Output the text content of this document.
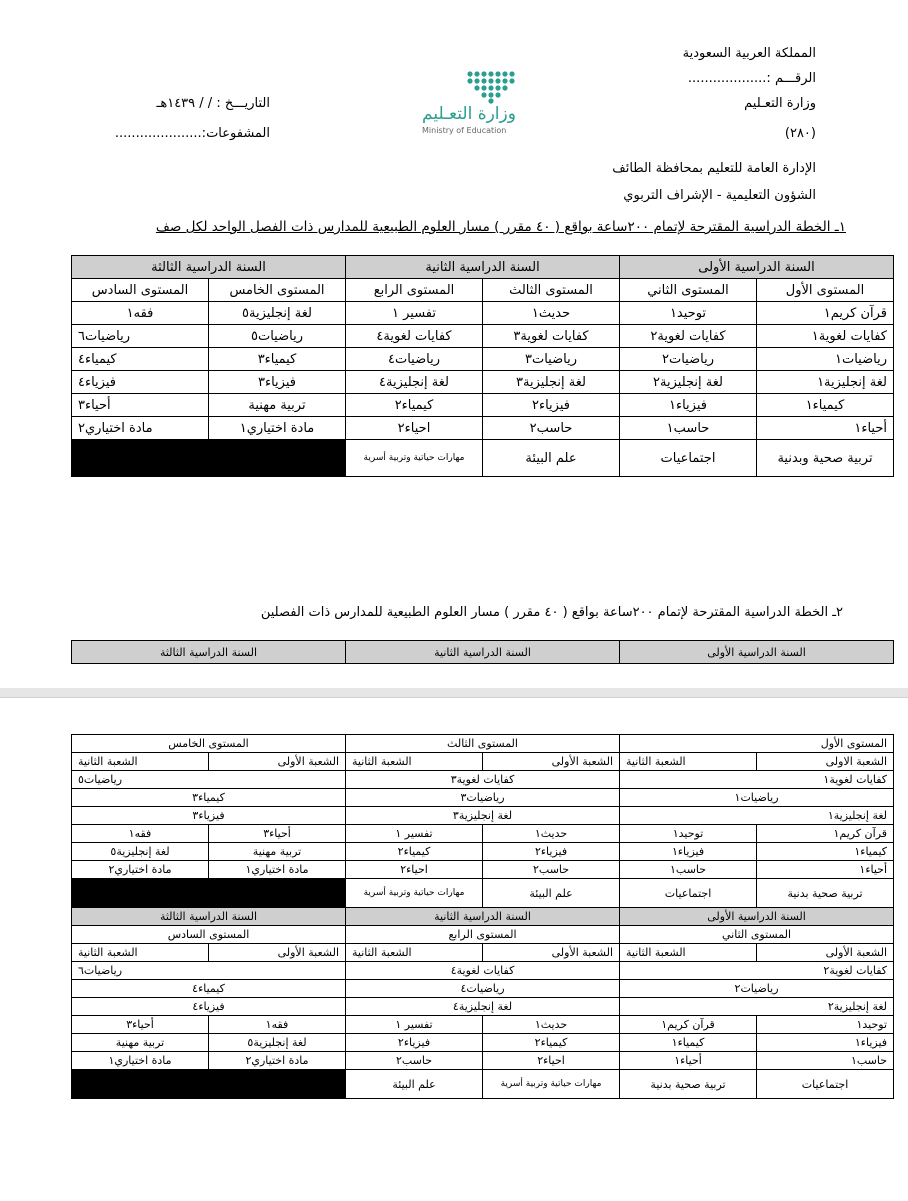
المملكة العربية السعودية
الرقـــم :...................
وزارة التعـليم
(٢٨٠)
الإدارة العامة للتعليم بمحافظة الطائف
الشؤون التعليمية - الإشراف التربوي
التاريـــخ : / / ١٤٣٩هـ
المشفوعات:.....................
وزارة التعـليم
Ministry of Education
١ـ الخطة الدراسية المقترحة لإتمام ٢٠٠ساعة بواقع ( ٤٠ مقرر ) مسار العلوم الطبيعية للمدارس ذات الفصل الواحد لكل صف
السنة الدراسية الأولى		السنة الدراسية الثانية		السنة الدراسية الثالثة	
المستوى الأول	المستوى الثاني	المستوى الثالث	المستوى الرابع	المستوى الخامس	المستوى السادس
قرآن كريم١	توحيد١	حديث١	تفسير ١	لغة إنجليزية٥	فقه١
كفايات لغوية١	كفايات لغوية٢	كفايات لغوية٣	كفايات لغوية٤	رياضيات٥	رياضيات٦
رياضيات١	رياضيات٢	رياضيات٣	رياضيات٤	كيمياء٣	كيمياء٤
لغة إنجليزية١	لغة إنجليزية٢	لغة إنجليزية٣	لغة إنجليزية٤	فيزياء٣	فيزياء٤
كيمياء١	فيزياء١	فيزياء٢	كيمياء٢	تربية مهنية	أحياء٣
أحياء١	حاسب١	حاسب٢	احياء٢	مادة اختياري١	مادة اختياري٢
تربية صحية وبدنية	اجتماعيات	علم البيئة	مهارات حياتية وتربية أسرية		
٢ـ الخطة الدراسية المقترحة لإتمام ٢٠٠ساعة بواقع ( ٤٠ مقرر ) مسار العلوم الطبيعية للمدارس ذات الفصلين
السنة الدراسية الأولى	السنة الدراسية الثانية	السنة الدراسية الثالثة
المستوى الأول		المستوى الثالث		المستوى الخامس	
الشعبة الاولى	الشعبة الثانية	الشعبة الأولى	الشعبة الثانية	الشعبة الأولى	الشعبة الثانية
كفايات لغوية١		كفايات لغوية٣		رياضيات٥	
رياضيات١		رياضيات٣		كيمياء٣	
لغة إنجليزية١		لغة إنجليزية٣		فيزياء٣	
قرآن كريم١	توحيد١	حديث١	تفسير ١	أحياء٣	فقه١
كيمياء١	فيزياء١	فيزياء٢	كيمياء٢	تربية مهنية	لغة إنجليزية٥
أحياء١	حاسب١	حاسب٢	احياء٢	مادة اختياري١	مادة اختياري٢
تربية صحية بدنية	اجتماعيات	علم البيئة	مهارات حياتية وتربية أسرية		
السنة الدراسية الأولى		السنة الدراسية الثانية		السنة الدراسية الثالثة	
المستوى الثاني		المستوى الرابع		المستوى السادس	
الشعبة الأولى	الشعبة الثانية	الشعبة الأولى	الشعبة الثانية	الشعبة الأولى	الشعبة الثانية
كفايات لغوية٢		كفايات لغوية٤		رياضيات٦	
رياضيات٢		رياضيات٤		كيمياء٤	
لغة إنجليزية٢		لغة إنجليزية٤		فيزياء٤	
توحيد١	قرآن كريم١	حديث١	تفسير ١	فقه١	أحياء٣
فيزياء١	كيمياء١	كيمياء٢	فيزياء٢	لغة إنجليزية٥	تربية مهنية
حاسب١	أحياء١	احياء٢	حاسب٢	مادة اختياري٢	مادة اختياري١
اجتماعيات	تربية صحية بدنية	مهارات حياتية وتربية أسرية	علم البيئة		
